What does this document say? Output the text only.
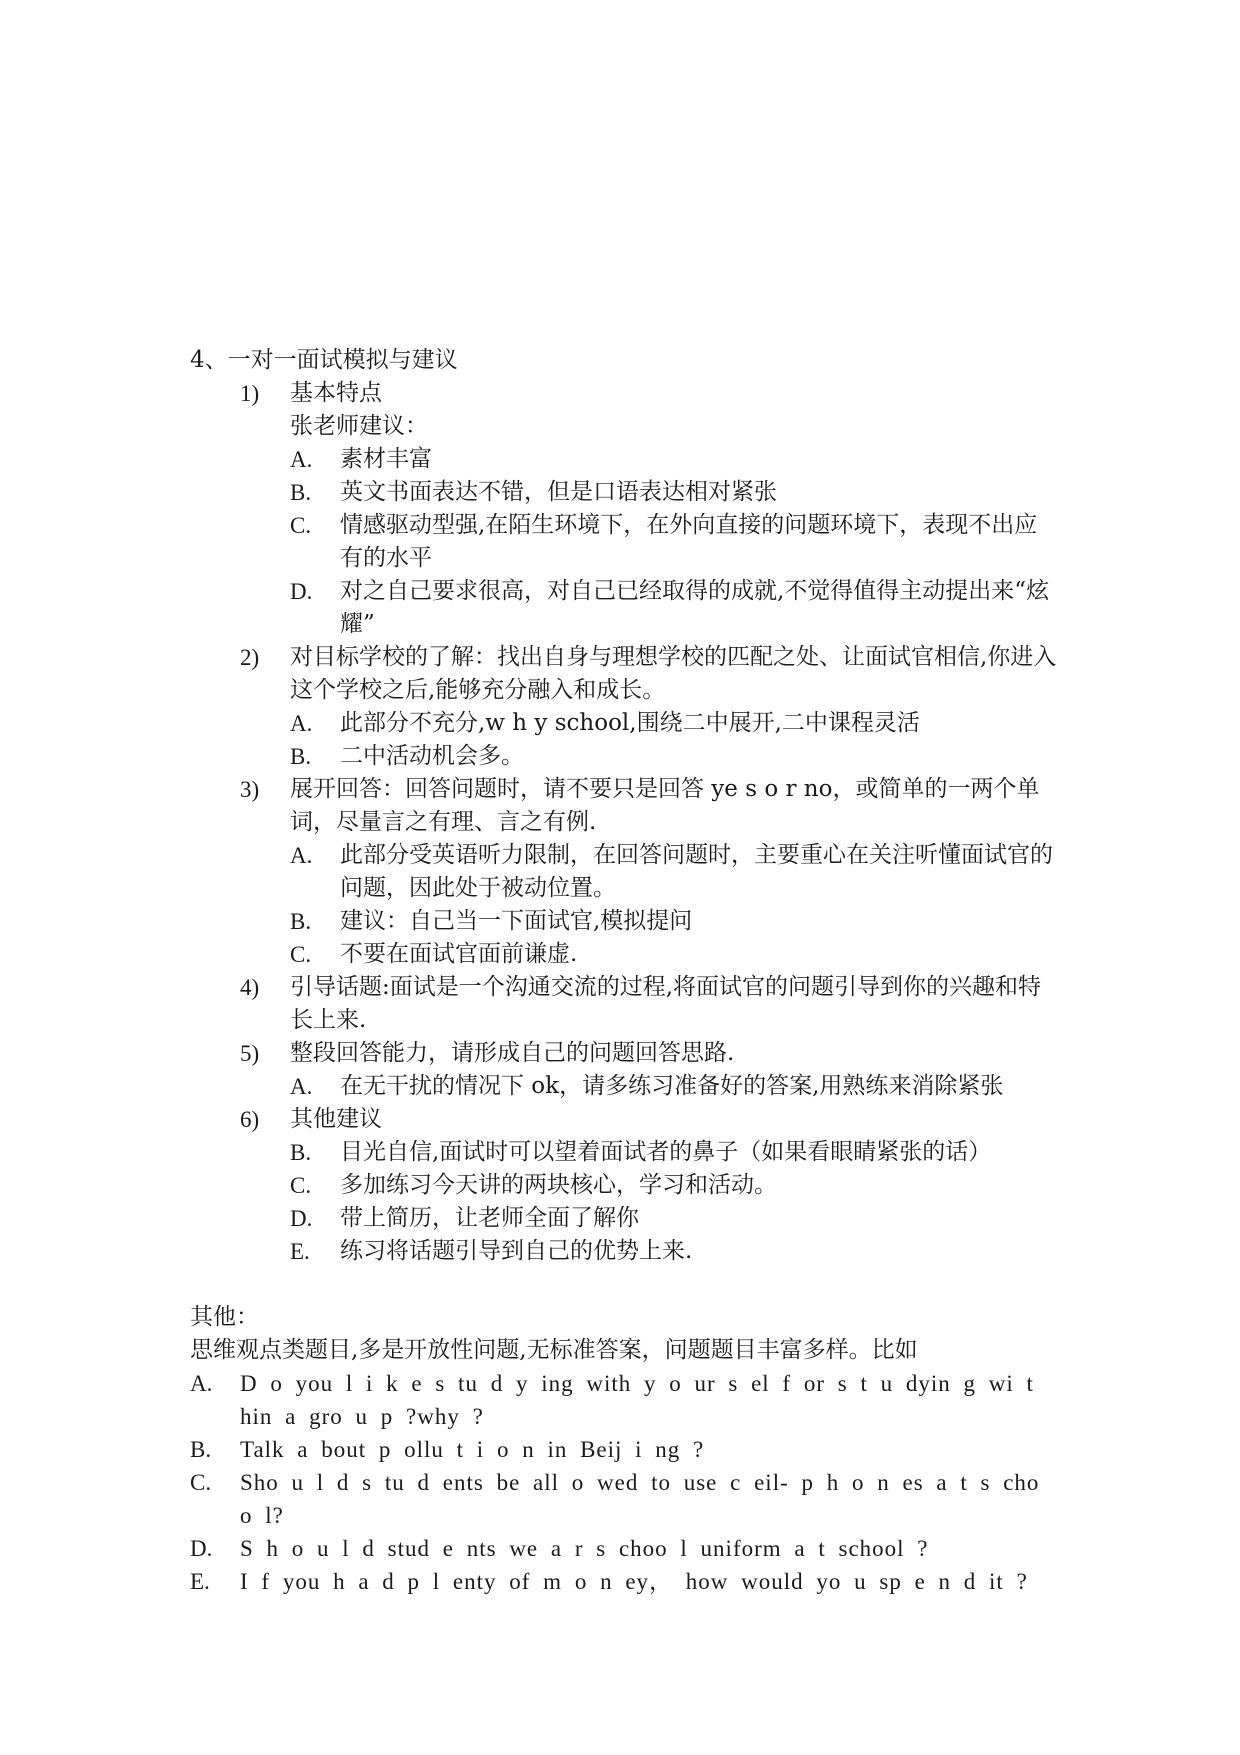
4、一对一面试模拟与建议
1)	基本特点
张老师建议：
A.	素材丰富
B.	英文书面表达不错，但是口语表达相对紧张
C.	情感驱动型强,在陌生环境下，在外向直接的问题环境下，表现不出应有的水平
D.	对之自己要求很高，对自己已经取得的成就,不觉得值得主动提出来“炫耀”
2)	对目标学校的了解：找出自身与理想学校的匹配之处、让面试官相信,你进入这个学校之后,能够充分融入和成长。
A.	此部分不充分,w h y school,围绕二中展开,二中课程灵活
B.	二中活动机会多。
3)	展开回答：回答问题时，请不要只是回答 ye s o r no，或简单的一两个单词，尽量言之有理、言之有例.
A.	此部分受英语听力限制，在回答问题时，主要重心在关注听懂面试官的问题，因此处于被动位置。
B.	建议：自己当一下面试官,模拟提问
C.	不要在面试官面前谦虚.
4)	引导话题:面试是一个沟通交流的过程,将面试官的问题引导到你的兴趣和特长上来.
5)	整段回答能力，请形成自己的问题回答思路.
A.	在无干扰的情况下 ok，请多练习准备好的答案,用熟练来消除紧张
6)	其他建议
B.	目光自信,面试时可以望着面试者的鼻子（如果看眼睛紧张的话）
C.	多加练习今天讲的两块核心，学习和活动。
D.	带上简历，让老师全面了解你
E.	练习将话题引导到自己的优势上来.
其他：
思维观点类题目,多是开放性问题,无标准答案，问题题目丰富多样。比如
A.	D o you l i k e s tu d y ing with y o ur s el f or s t u dyin g wi t hin a gro u p ?why ?
B.	Talk a bout p ollu t i o n in Beij i ng ?
C.	Sho u l d s tu d ents be all o wed to use c eil- p h o n es a t s cho o l?
D.	S h o u l d stud e nts we a r s choo l uniform a t school ?
E.	I f you h a d p l enty of m o n ey， how would yo u sp e n d it ?
